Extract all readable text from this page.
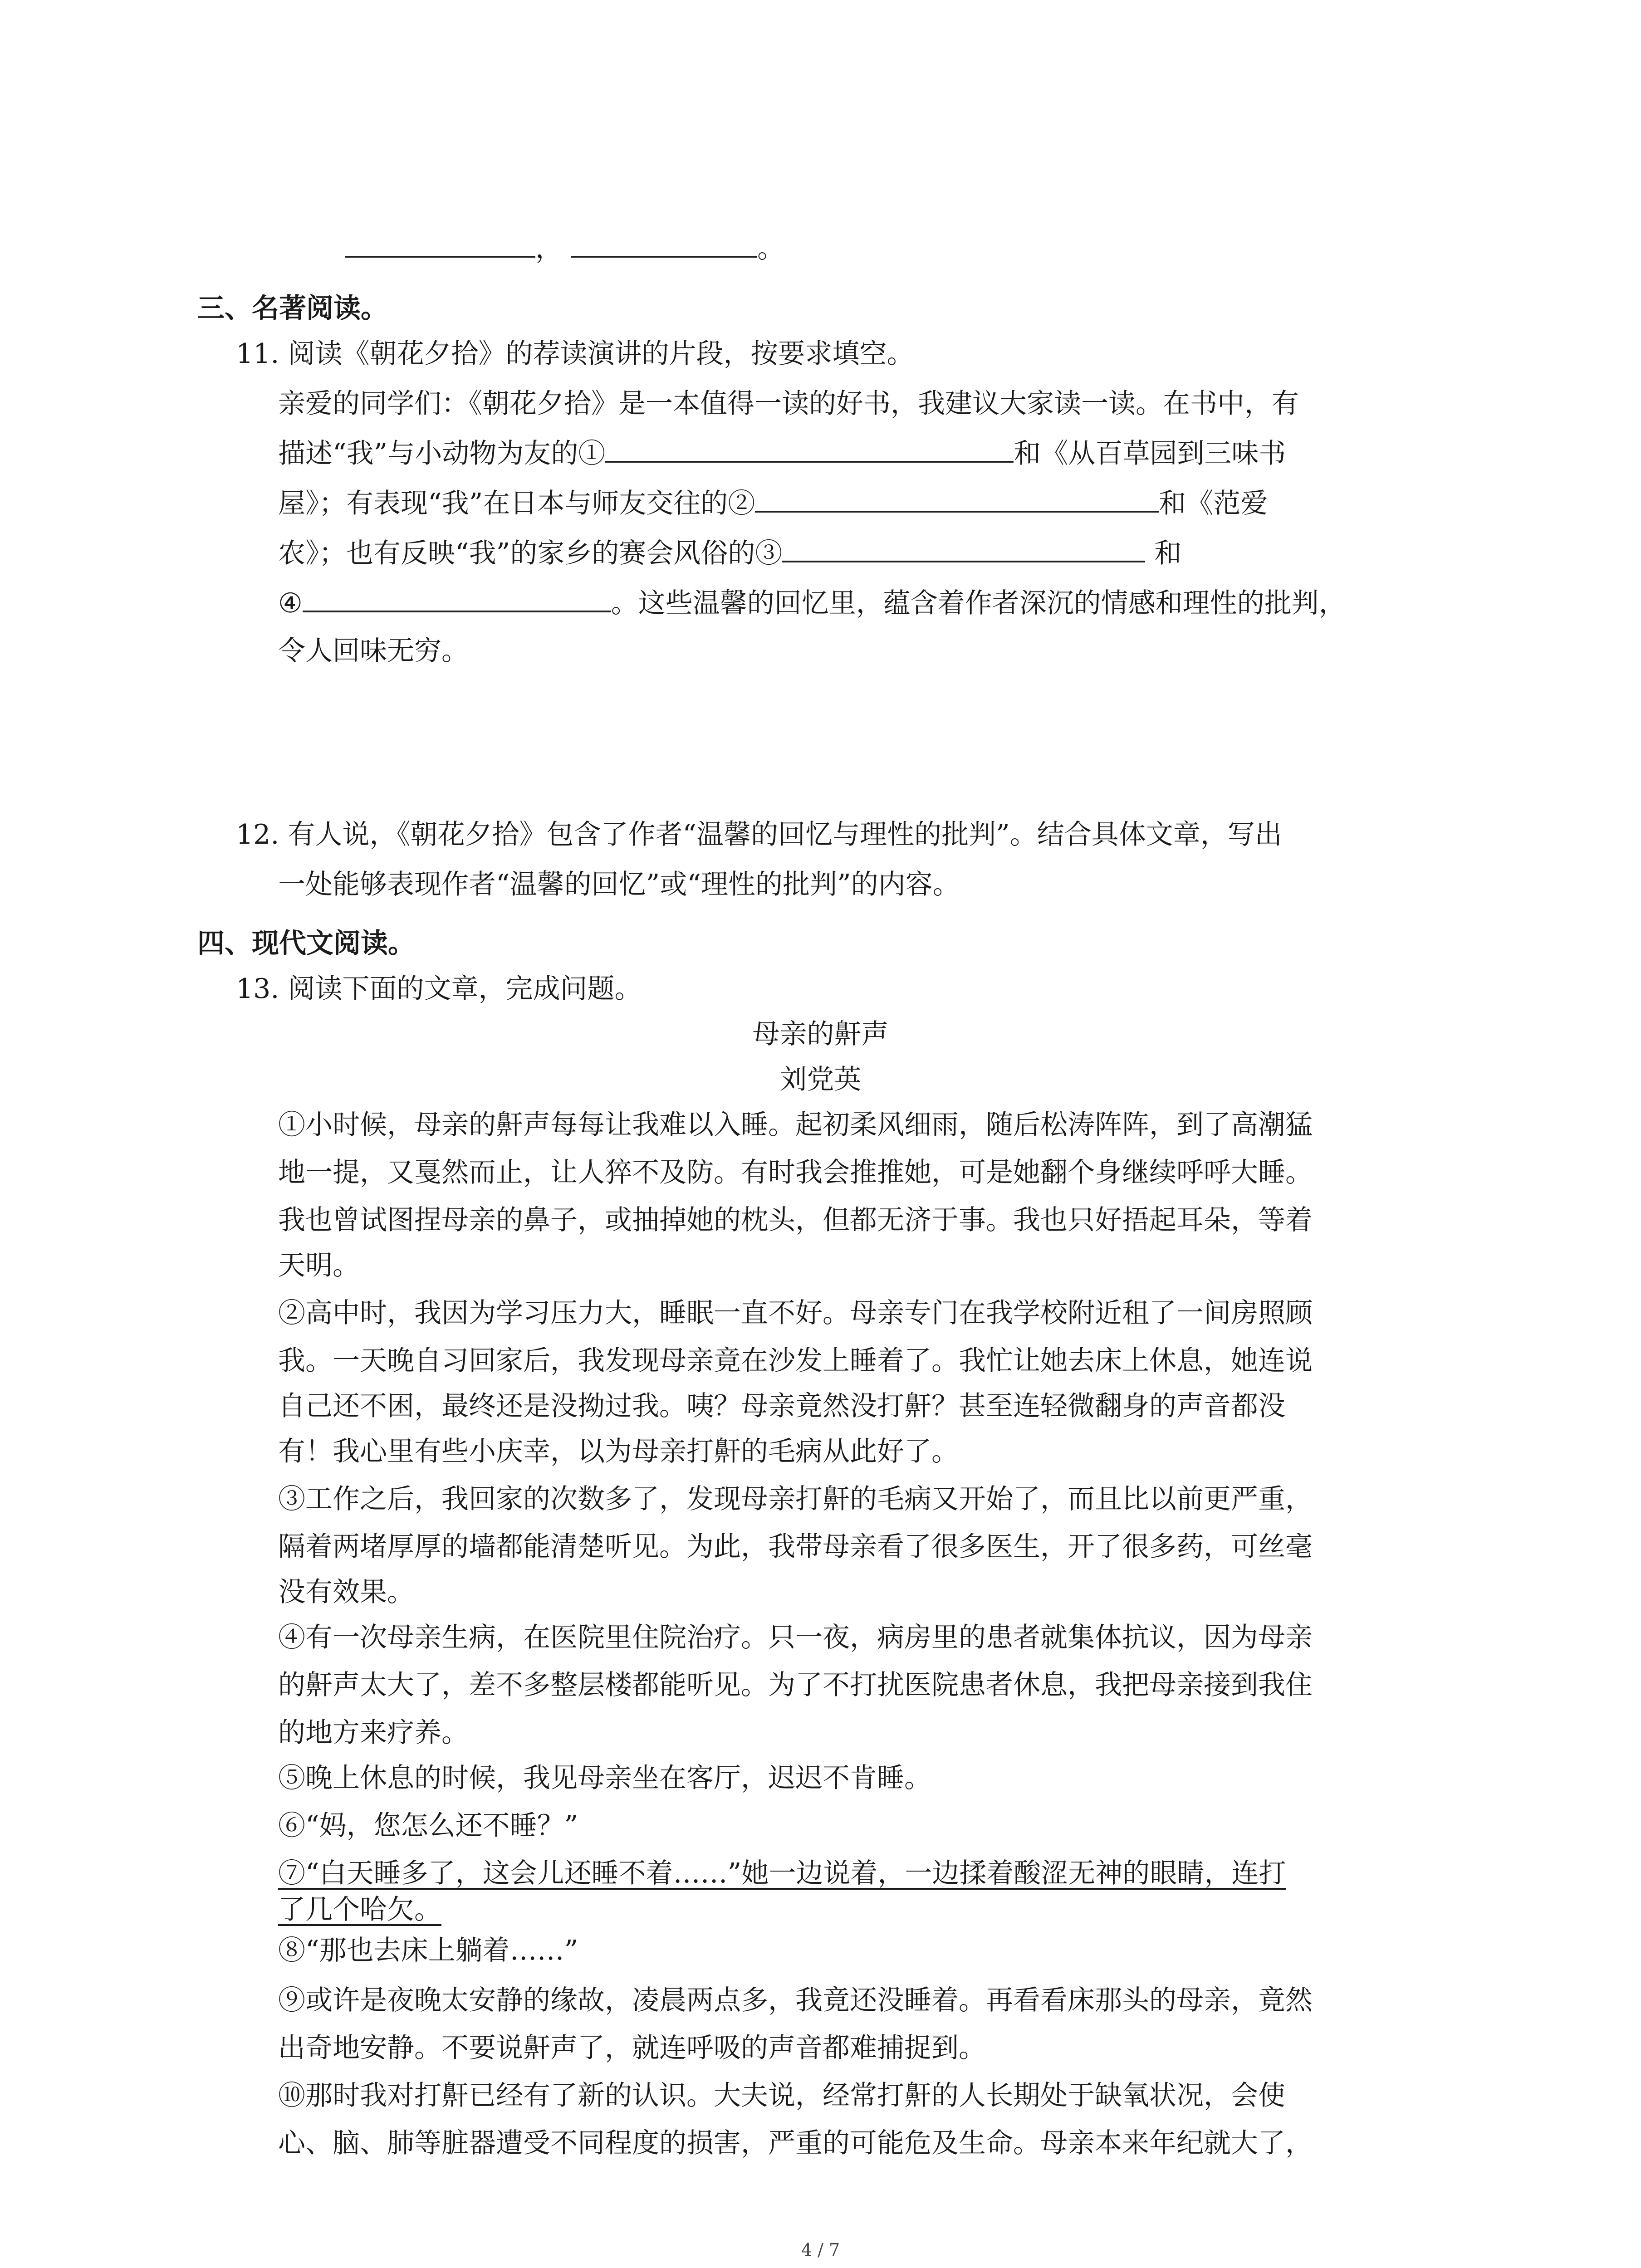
，	。
三、名著阅读。
11. 阅读《朝花夕拾》的荐读演讲的片段，按要求填空。
亲爱的同学们：《朝花夕拾》是一本值得一读的好书，我建议大家读一读。在书中，有
描述“我”与小动物为友的①	和《从百草园到三味书
屋》；有表现“我”在日本与师友交往的②	和《范爱
农》；也有反映“我”的家乡的赛会风俗的③	和
④	。这些温馨的回忆里，蕴含着作者深沉的情感和理性的批判，
令人回味无穷。
12. 有人说，《朝花夕拾》包含了作者“温馨的回忆与理性的批判”。结合具体文章，写出
一处能够表现作者“温馨的回忆”或“理性的批判”的内容。
四、现代文阅读。
13. 阅读下面的文章，完成问题。
母亲的鼾声
刘党英
①小时候，母亲的鼾声每每让我难以入睡。起初柔风细雨，随后松涛阵阵，到了高潮猛
地一提，又戛然而止，让人猝不及防。有时我会推推她，可是她翻个身继续呼呼大睡。
我也曾试图捏母亲的鼻子，或抽掉她的枕头，但都无济于事。我也只好捂起耳朵，等着
天明。
②高中时，我因为学习压力大，睡眠一直不好。母亲专门在我学校附近租了一间房照顾
我。一天晚自习回家后，我发现母亲竟在沙发上睡着了。我忙让她去床上休息，她连说
自己还不困，最终还是没拗过我。咦？母亲竟然没打鼾？甚至连轻微翻身的声音都没
有！我心里有些小庆幸，以为母亲打鼾的毛病从此好了。
③工作之后，我回家的次数多了，发现母亲打鼾的毛病又开始了，而且比以前更严重，
隔着两堵厚厚的墙都能清楚听见。为此，我带母亲看了很多医生，开了很多药，可丝毫
没有效果。
④有一次母亲生病，在医院里住院治疗。只一夜，病房里的患者就集体抗议，因为母亲
的鼾声太大了，差不多整层楼都能听见。为了不打扰医院患者休息，我把母亲接到我住
的地方来疗养。
⑤晚上休息的时候，我见母亲坐在客厅，迟迟不肯睡。
⑥“妈，您怎么还不睡？”
⑦“白天睡多了，这会儿还睡不着……”她一边说着，一边揉着酸涩无神的眼睛，连打
了几个哈欠。
⑧“那也去床上躺着……”
⑨或许是夜晚太安静的缘故，凌晨两点多，我竟还没睡着。再看看床那头的母亲，竟然
出奇地安静。不要说鼾声了，就连呼吸的声音都难捕捉到。
⑩那时我对打鼾已经有了新的认识。大夫说，经常打鼾的人长期处于缺氧状况，会使
心、脑、肺等脏器遭受不同程度的损害，严重的可能危及生命。母亲本来年纪就大了，
4 / 7
